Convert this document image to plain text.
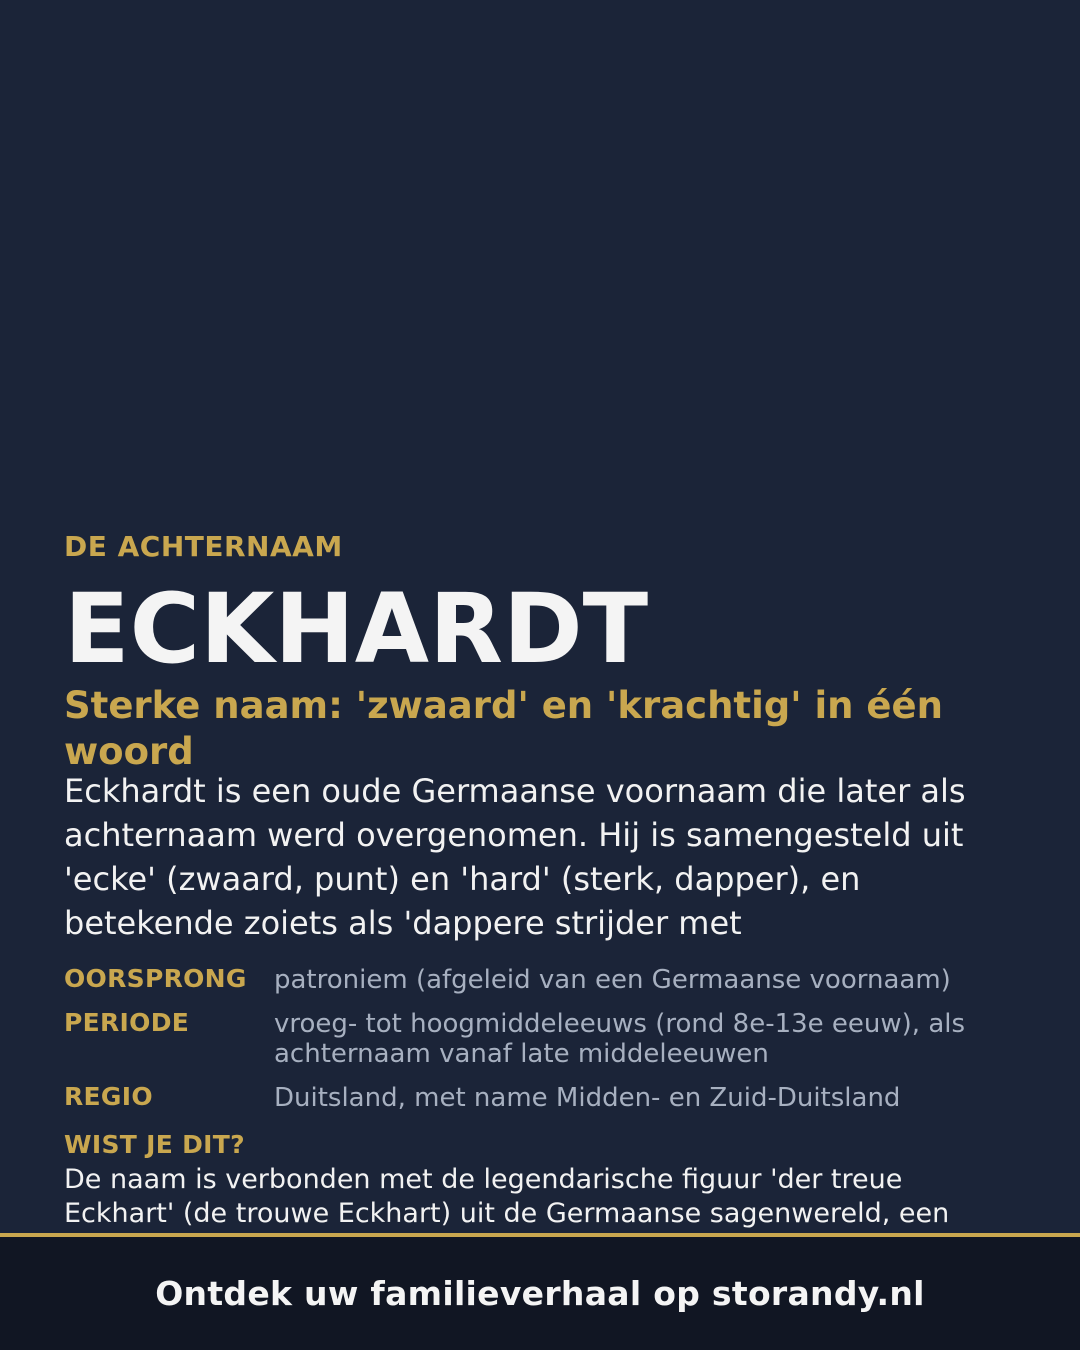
DE ACHTERNAAM
ECKHARDT
Sterke naam: 'zwaard' en 'krachtig' in één woord
Eckhardt is een oude Germaanse voornaam die later als achternaam werd overgenomen. Hij is samengesteld uit 'ecke' (zwaard, punt) en 'hard' (sterk, dapper), en betekende zoiets als 'dappere strijder met
OORSPRONG	patroniem (afgeleid van een Germaanse voornaam)
PERIODE	vroeg- tot hoogmiddeleeuws (rond 8e-13e eeuw), als achternaam vanaf late middeleeuwen
REGIO	Duitsland, met name Midden- en Zuid-Duitsland
WIST JE DIT?
De naam is verbonden met de legendarische figuur 'der treue Eckhart' (de trouwe Eckhart) uit de Germaanse sagenwereld, een
Ontdek uw familieverhaal op storandy.nl
